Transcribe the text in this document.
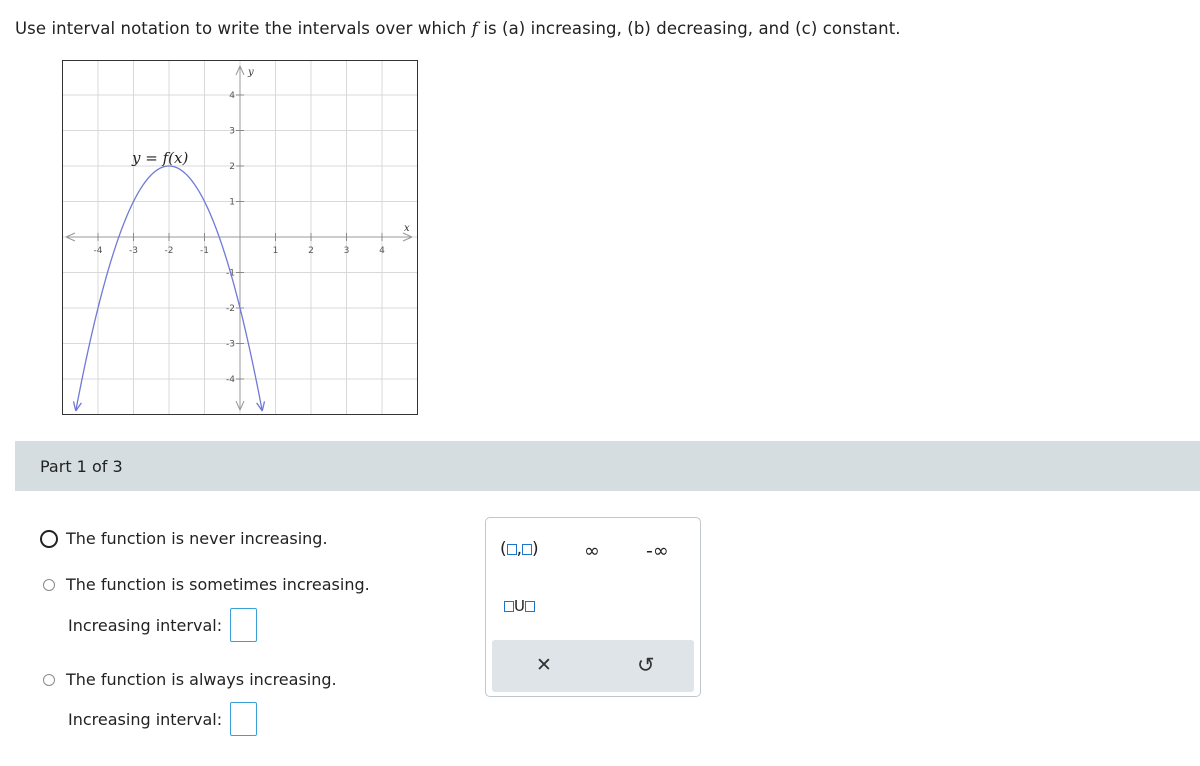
Use interval notation to write the intervals over which f is (a) increasing, (b) decreasing, and (c) constant.
-4	-3	-2	-1	1	2	3	4
4
3
2
1
-1
-2
-3
-4
y = f(x)
x
y
Part 1 of 3
The function is never increasing.
The function is sometimes increasing.
Increasing interval:
The function is always increasing.
Increasing interval:
( , ) ∞ -∞
U
✕	↺
